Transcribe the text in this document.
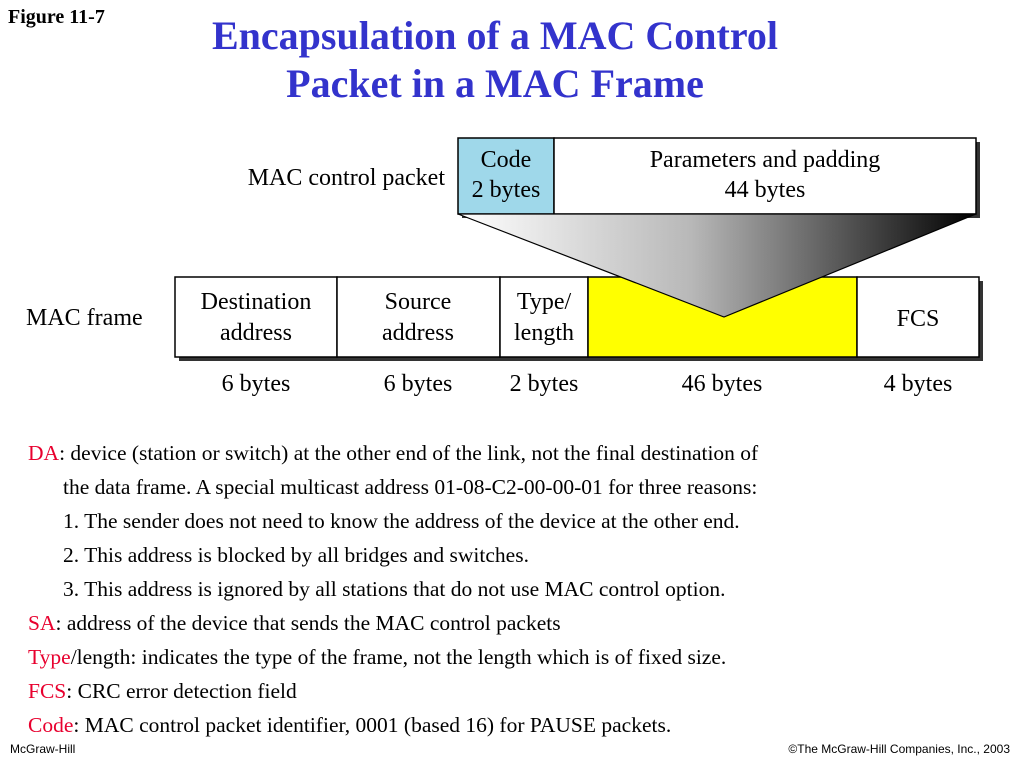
Figure 11-7	Encapsulation of a MAC Control
Packet in a MAC Frame
MAC control packet
Code
2 bytes
Parameters and padding
44 bytes
MAC frame
Destination
address
Source
address
Type/
length
FCS
6 bytes	6 bytes 2 bytes	46 bytes	4 bytes
DA: device (station or switch) at the other end of the link, not the final destination of
the data frame. A special multicast address 01-08-C2-00-00-01 for three reasons:
1. The sender does not need to know the address of the device at the other end.
2. This address is blocked by all bridges and switches.
3. This address is ignored by all stations that do not use MAC control option.
SA: address of the device that sends the MAC control packets
Type/length: indicates the type of the frame, not the length which is of fixed size.
FCS: CRC error detection field
Code: MAC control packet identifier, 0001 (based 16) for PAUSE packets.
McGraw-Hill	©The McGraw-Hill Companies, Inc., 2003
